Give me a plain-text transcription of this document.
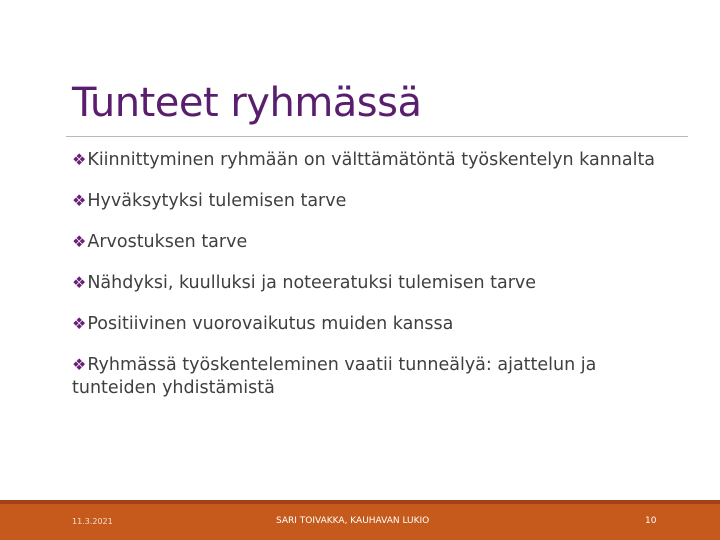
Tunteet ryhmässä
❖Kiinnittyminen ryhmään on välttämätöntä työskentelyn kannalta
❖Hyväksytyksi tulemisen tarve
❖Arvostuksen tarve
❖Nähdyksi, kuulluksi ja noteeratuksi tulemisen tarve
❖Positiivinen vuorovaikutus muiden kanssa
❖Ryhmässä työskenteleminen vaatii tunneälyä: ajattelun ja tunteiden yhdistämistä
11.3.2021	SARI TOIVAKKA, KAUHAVAN LUKIO	10
